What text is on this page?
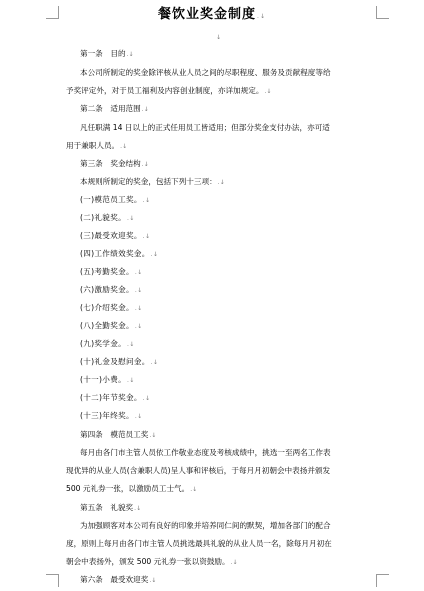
餐饮业奖金制度.↓
↓
第一条　目的.↓
本公司所制定的奖金除评核从业人员之间的尽职程度、服务及贡献程度等给
予奖评定外，对于员工福利及内容创业制度，亦详加规定。.↓
第二条　适用范围.↓
凡任职满 14 日以上的正式任用员工皆适用；但部分奖金支付办法，亦可适
用于兼职人员。.↓
第三条　奖金结构.↓
本规则所制定的奖金，包括下列十三项：.↓
(一)模范员工奖。.↓
(二)礼貌奖。.↓
(三)最受欢迎奖。.↓
(四)工作绩效奖金。.↓
(五)考勤奖金。.↓
(六)激励奖金。.↓
(七)介绍奖金。.↓
(八)全勤奖金。.↓
(九)奖学金。.↓
(十)礼金及慰问金。.↓
(十一)小费。.↓
(十二)年节奖金。.↓
(十三)年终奖。.↓
第四条　模范员工奖.↓
每月由各门市主管人员依工作敬业态度及考核成绩中，挑选一至两名工作表
现优异的从业人员(含兼职人员)呈人事和评核后，于每月月初朝会中表扬并颁发
500 元礼券一张，以激励员工士气。.↓
第五条　礼貌奖.↓
为加强顾客对本公司有良好的印象并培养同仁间的默契，增加各部门的配合
度，原则上每月由各门市主管人员挑选最具礼貌的从业人员一名，除每月月初在
朝会中表扬外，颁发 500 元礼券一张以资鼓励。.↓
第六条　最受欢迎奖.↓
